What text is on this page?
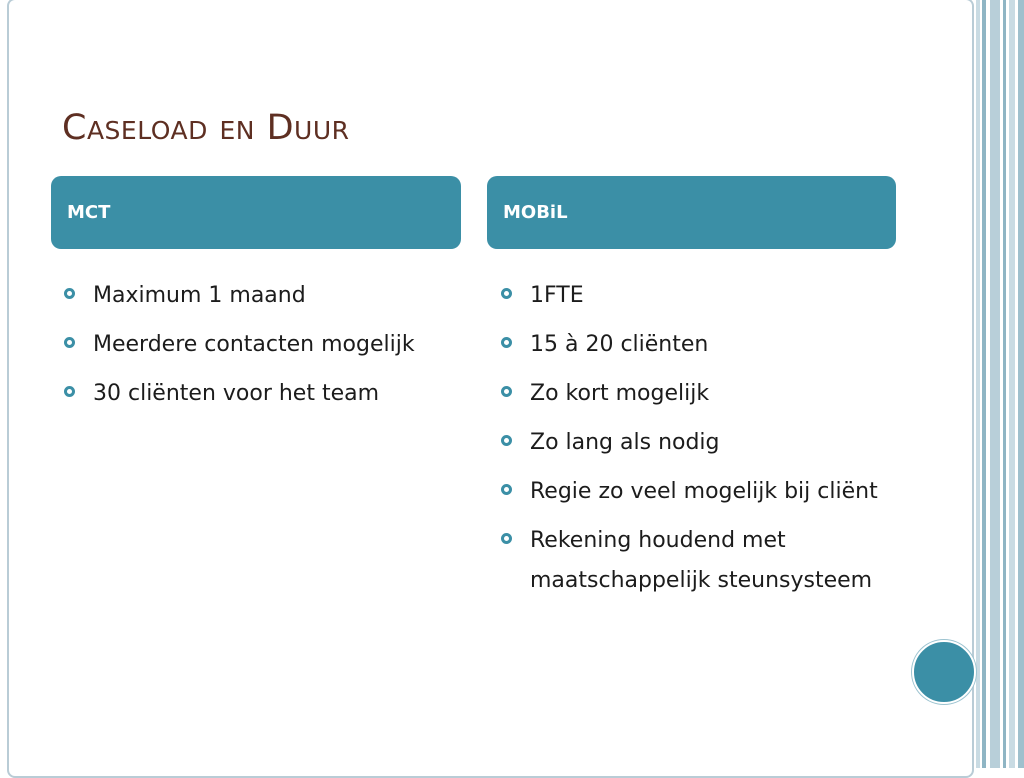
Caseload en Duur
MCT	MOBiL
Maximum 1 maand
Meerdere contacten mogelijk
30 cliënten voor het team
1FTE
15 à 20 cliënten
Zo kort mogelijk
Zo lang als nodig
Regie zo veel mogelijk bij cliënt
Rekening houdend met maatschappelijk steunsysteem
